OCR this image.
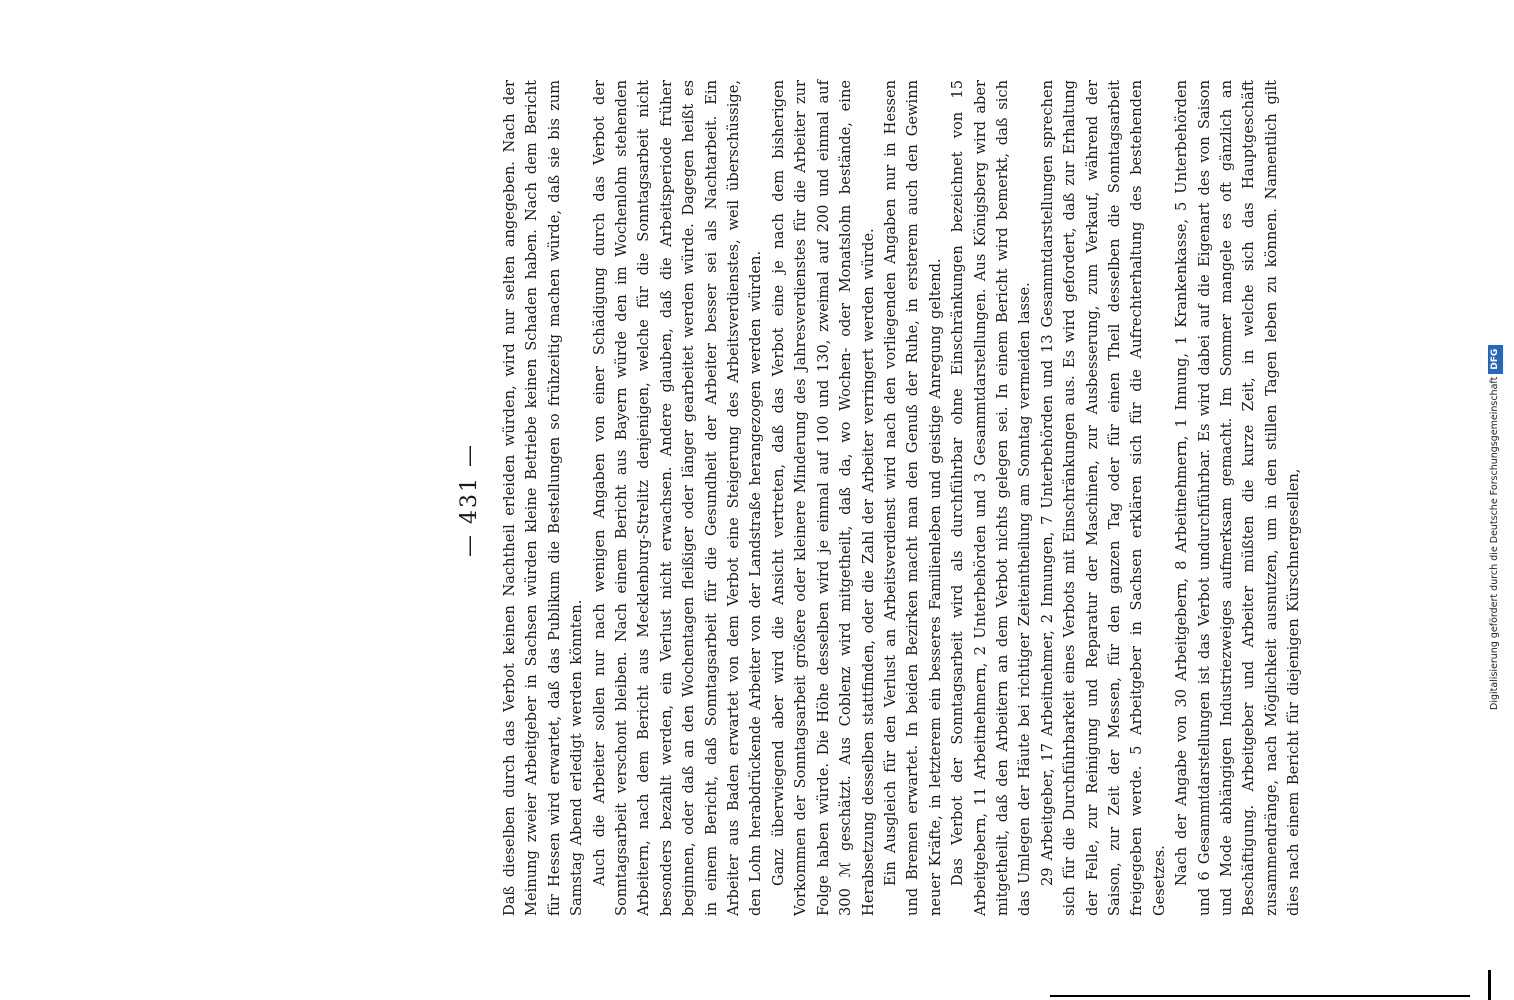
— 431 —	Daß dieselben durch das Verbot keinen Nachtheil erleiden würden, wird nur selten angegeben. Nach der Meinung zweier Arbeitgeber in Sachsen würden kleine Betriebe keinen Schaden haben. Nach dem Bericht für Hessen wird erwartet, daß das Publikum die Bestellungen so frühzeitig machen würde, daß sie bis zum Samstag Abend erledigt werden könnten. Auch die Arbeiter sollen nur nach wenigen Angaben von einer Schädigung durch das Verbot der Sonntagsarbeit verschont bleiben. Nach einem Bericht aus Bayern würde den im Wochenlohn stehenden Arbeitern, nach dem Bericht aus Mecklenburg-Strelitz denjenigen, welche für die Sonntagsarbeit nicht besonders bezahlt werden, ein Verlust nicht erwachsen. Andere glauben, daß die Arbeitsperiode früher beginnen, oder daß an den Wochentagen fleißiger oder länger gearbeitet werden würde. Dagegen heißt es in einem Bericht, daß Sonntagsarbeit für die Gesundheit der Arbeiter besser sei als Nachtarbeit. Ein Arbeiter aus Baden erwartet von dem Verbot eine Steigerung des Arbeitsverdienstes, weil überschüssige, den Lohn herabdrückende Arbeiter von der Landstraße herangezogen werden würden. Ganz überwiegend aber wird die Ansicht vertreten, daß das Verbot eine je nach dem bisherigen Vorkommen der Sonntagsarbeit größere oder kleinere Minderung des Jahresverdienstes für die Arbeiter zur Folge haben würde. Die Höhe desselben wird je einmal auf 100 und 130, zweimal auf 200 und einmal auf 300 ℳ geschätzt. Aus Coblenz wird mitgetheilt, daß da, wo Wochen- oder Monatslohn bestände, eine Herabsetzung desselben stattfinden, oder die Zahl der Arbeiter verringert werden würde. Ein Ausgleich für den Verlust an Arbeitsverdienst wird nach den vorliegenden Angaben nur in Hessen und Bremen erwartet. In beiden Bezirken macht man den Genuß der Ruhe, in ersterem auch den Gewinn neuer Kräfte, in letzterem ein besseres Familienleben und geistige Anregung geltend. Das Verbot der Sonntagsarbeit wird als durchführbar ohne Einschränkungen bezeichnet von 15 Arbeitgebern, 11 Arbeitnehmern, 2 Unterbehörden und 3 Gesammtdarstellungen. Aus Königsberg wird aber mitgetheilt, daß den Arbeitern an dem Verbot nichts gelegen sei. In einem Bericht wird bemerkt, daß sich das Umlegen der Häute bei richtiger Zeiteintheilung am Sonntag vermeiden lasse. 29 Arbeitgeber, 17 Arbeitnehmer, 2 Innungen, 7 Unterbehörden und 13 Gesammtdarstellungen sprechen sich für die Durchführbarkeit eines Verbots mit Einschränkungen aus. Es wird gefordert, daß zur Erhaltung der Felle, zur Reinigung und Reparatur der Maschinen, zur Ausbesserung, zum Verkauf, während der Saison, zur Zeit der Messen, für den ganzen Tag oder für einen Theil desselben die Sonntagsarbeit freigegeben werde. 5 Arbeitgeber in Sachsen erklären sich für die Aufrechterhaltung des bestehenden Gesetzes. Nach der Angabe von 30 Arbeitgebern, 8 Arbeitnehmern, 1 Innung, 1 Krankenkasse, 5 Unterbehörden und 6 Gesammtdarstellungen ist das Verbot undurchführbar. Es wird dabei auf die Eigenart des von Saison und Mode abhängigen Industriezweiges aufmerksam gemacht. Im Sommer mangele es oft gänzlich an Beschäftigung. Arbeitgeber und Arbeiter müßten die kurze Zeit, in welche sich das Hauptgeschäft zusammendränge, nach Möglichkeit ausnutzen, um in den stillen Tagen leben zu können. Namentlich gilt dies nach einem Bericht für diejenigen Kürschnergesellen,	Digitalisierung gefördert durch die Deutsche ForschungsgemeinschaftDFG
